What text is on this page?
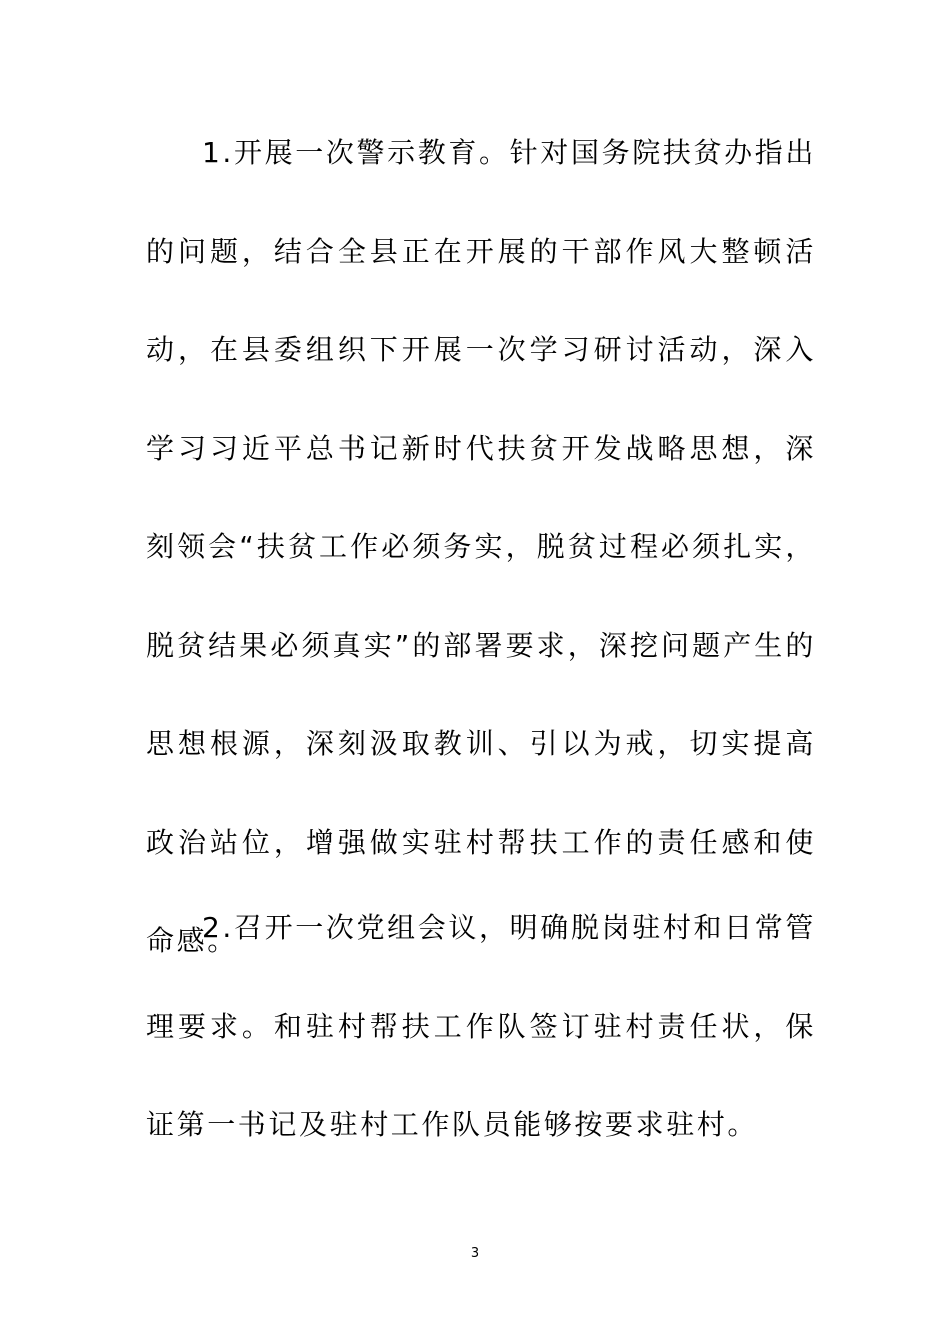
1.开展一次警示教育。针对国务院扶贫办指出的问题，结合全县正在开展的干部作风大整顿活动，在县委组织下开展一次学习研讨活动，深入学习习近平总书记新时代扶贫开发战略思想，深刻领会“扶贫工作必须务实，脱贫过程必须扎实，脱贫结果必须真实”的部署要求，深挖问题产生的思想根源，深刻汲取教训、引以为戒，切实提高政治站位，增强做实驻村帮扶工作的责任感和使命感。

2.召开一次党组会议，明确脱岗驻村和日常管理要求。和驻村帮扶工作队签订驻村责任状，保证第一书记及驻村工作队员能够按要求驻村。

3
